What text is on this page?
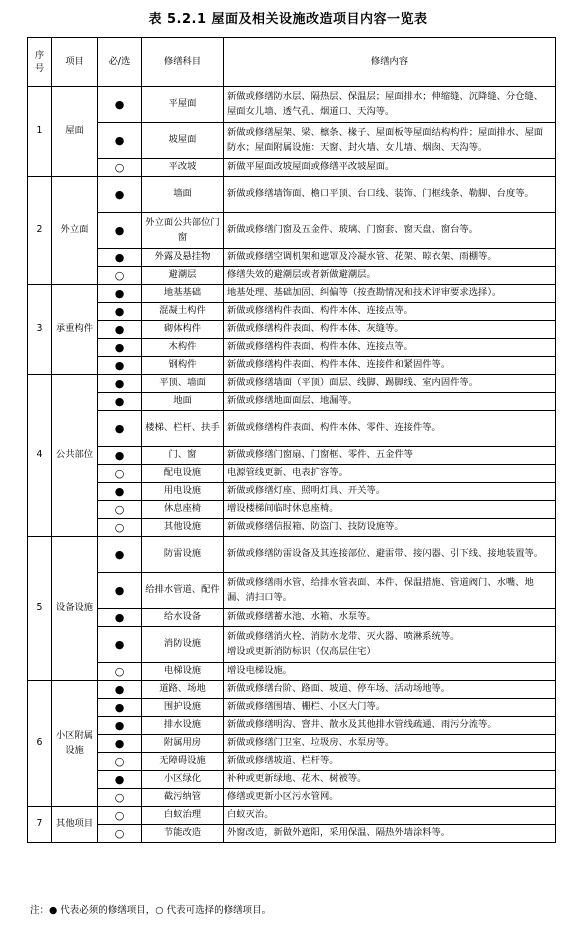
表 5.2.1 屋面及相关设施改造项目内容一览表
序
号	项目	必/选	修缮科目	修缮内容
1	屋面	●	平屋面	新做或修缮防水层、隔热层、保温层；屋面排水；伸缩缝、沉降缝、分仓缝、屋面女儿墙、透气孔、烟道口、天沟等。
		●	坡屋面	新做或修缮屋架、梁、檩条、椽子、屋面板等屋面结构构件；屋面排水、屋面防水；屋面附属设施：天窗、封火墙、女儿墙、烟囱、天沟等。
		○	平改坡	新做平屋面改坡屋面或修缮平改坡屋面。
2	外立面	●	墙面	新做或修缮墙饰面、檐口平顶、台口线、装饰、门框线条、勒脚、台度等。
		●	外立面公共部位门窗	新做或修缮门窗及五金件、玻璃、门窗套、窗天盘、窗台等。
		●	外露及悬挂物	新做或修缮空调机架和遮罩及冷凝水管、花架、晾衣架、雨棚等。
		○	避潮层	修缮失效的避潮层或者新做避潮层。
3	承重构件	●	地基基础	地基处理、基础加固、纠偏等（按查勘情况和技术评审要求选择）。
		●	混凝土构件	新做或修缮构件表面、构件本体、连接点等。
		●	砌体构件	新做或修缮构件表面、构件本体、灰缝等。
		●	木构件	新做或修缮构件表面、构件本体、连接点等。
		●	钢构件	新做或修缮构件表面、构件本体、连接件和紧固件等。
4	公共部位	●	平顶、墙面	新做或修缮墙面（平顶）面层、线脚、踢脚线、室内固件等。
		●	地面	新做或修缮地面面层、地漏等。
		●	楼梯、栏杆、扶手	新做或修缮构件表面、构件本体、零件、连接件等。
		●	门、窗	新做或修缮门窗扇、门窗框、零件、五金件等
		○	配电设施	电源管线更新、电表扩容等。
		●	用电设施	新做或修缮灯座、照明灯具、开关等。
		○	休息座椅	增设楼梯间临时休息座椅。
		○	其他设施	新做或修缮信报箱、防盗门、技防设施等。
5	设备设施	●	防雷设施	新做或修缮防雷设备及其连接部位、避雷带、接闪器、引下线、接地装置等。
		●	给排水管道、配件	新做或修缮雨水管、给排水管表面、本件、保温措施、管道阀门、水嘴、地漏、清扫口等。
		●	给水设备	新做或修缮蓄水池、水箱、水泵等。
		●	消防设施	新做或修缮消火栓、消防水龙带、灭火器、喷淋系统等。
增设或更新消防标识（仅高层住宅）
		○	电梯设施	增设电梯设施。
6	小区附属设施	●	道路、场地	新做或修缮台阶、路面、坡道、停车场、活动场地等。
		●	围护设施	新做或修缮围墙、栅栏、小区大门等。
		●	排水设施	新做或修缮明沟、窨井、散水及其他排水管线疏通、雨污分流等。
		●	附属用房	新做或修缮门卫室、垃圾房、水泵房等。
		○	无障碍设施	新做或修缮坡道、栏杆等。
		●	小区绿化	补种或更新绿地、花木、树被等。
		○	截污纳管	修缮或更新小区污水管网。
7	其他项目	○	白蚁治理	白蚁灭治。
		○	节能改造	外窗改造，新做外遮阳，采用保温、隔热外墙涂料等。
注：● 代表必须的修缮项目，○ 代表可选择的修缮项目。
